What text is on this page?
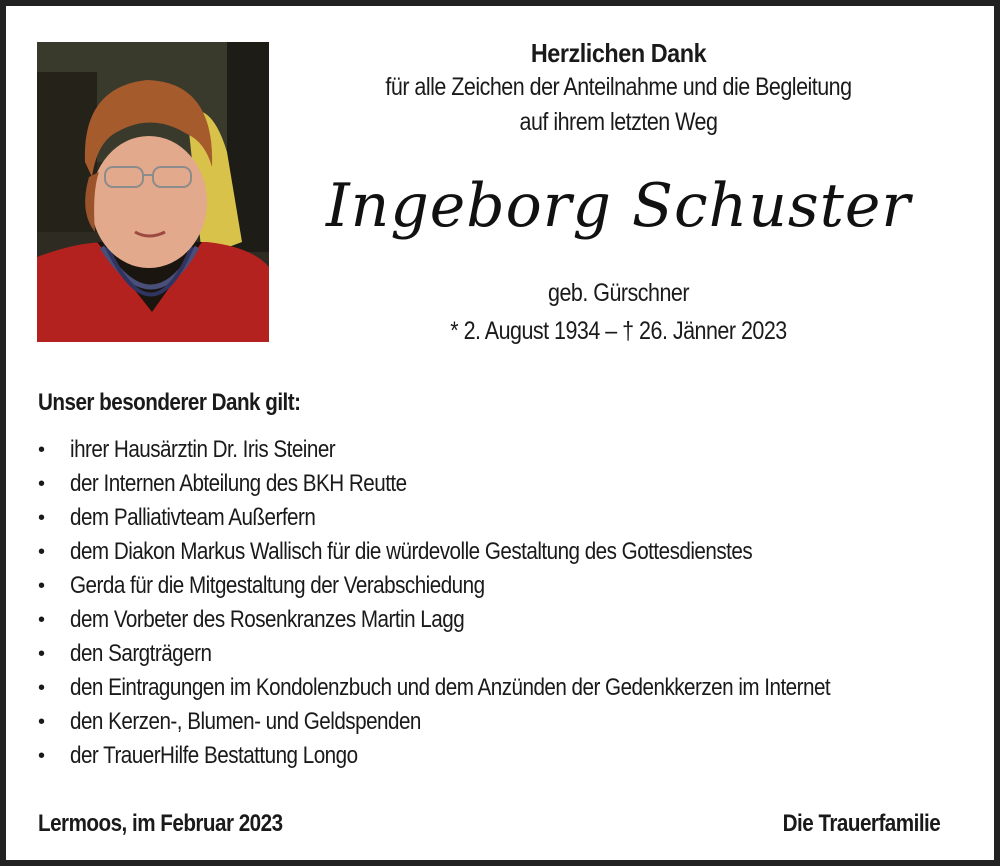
Herzlichen Dank
für alle Zeichen der Anteilnahme und die Begleitung
auf ihrem letzten Weg
Ingeborg Schuster
geb. Gürschner
* 2. August 1934 – † 26. Jänner 2023
Unser besonderer Dank gilt:
• ihrer Hausärztin Dr. Iris Steiner
• der Internen Abteilung des BKH Reutte
• dem Palliativteam Außerfern
• dem Diakon Markus Wallisch für die würdevolle Gestaltung des Gottesdienstes
• Gerda für die Mitgestaltung der Verabschiedung
• dem Vorbeter des Rosenkranzes Martin Lagg
• den Sargträgern
• den Eintragungen im Kondolenzbuch und dem Anzünden der Gedenkkerzen im Internet
• den Kerzen-, Blumen- und Geldspenden
• der TrauerHilfe Bestattung Longo
Lermoos, im Februar 2023	Die Trauerfamilie
